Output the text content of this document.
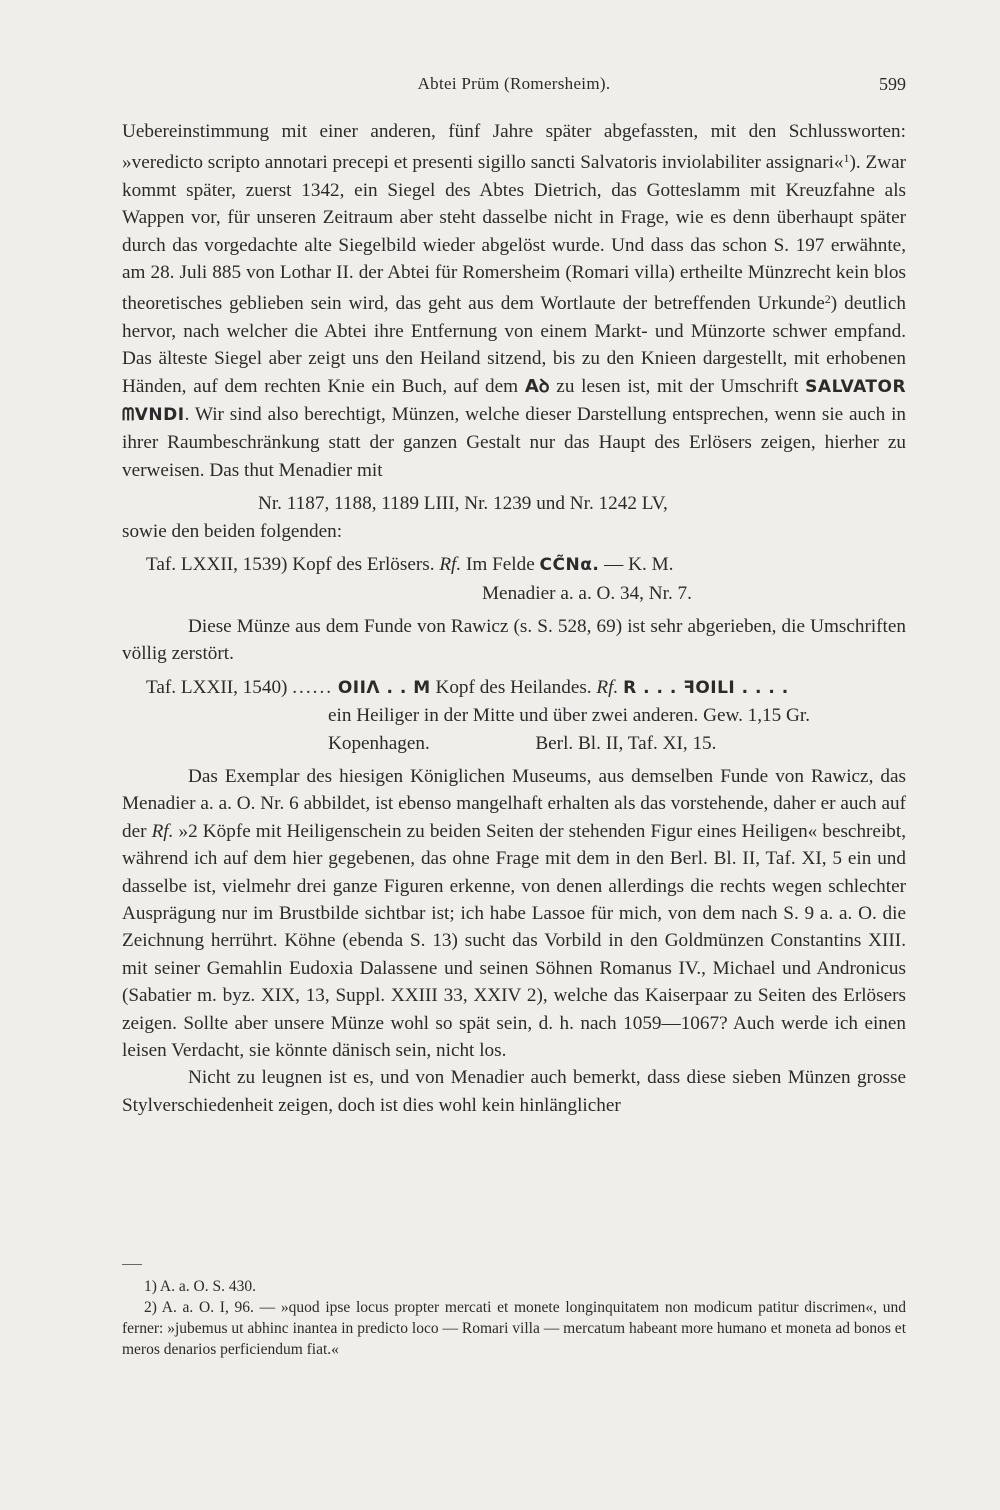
Abtei Prüm (Romersheim).	599

Uebereinstimmung mit einer anderen, fünf Jahre später abgefassten, mit den Schlussworten: »veredicto scripto annotari precepi et presenti sigillo sancti Salvatoris inviolabiliter assignari«$^1$). Zwar kommt später, zuerst 1342, ein Siegel des Abtes Dietrich, das Gotteslamm mit Kreuzfahne als Wappen vor, für unseren Zeitraum aber steht dasselbe nicht in Frage, wie es denn überhaupt später durch das vorgedachte alte Siegelbild wieder abgelöst wurde. Und dass das schon S. 197 erwähnte, am 28. Juli 885 von Lothar II. der Abtei für Romersheim (Romari villa) ertheilte Münzrecht kein blos theoretisches geblieben sein wird, das geht aus dem Wortlaute der betreffenden Urkunde$^2$) deutlich hervor, nach welcher die Abtei ihre Entfernung von einem Markt- und Münzorte schwer empfand. Das älteste Siegel aber zeigt uns den Heiland sitzend, bis zu den Knieen dargestellt, mit erhobenen Händen, auf dem rechten Knie ein Buch, auf dem Aꝺ zu lesen ist, mit der Umschrift SALVATOR ᗰVNDI. Wir sind also berechtigt, Münzen, welche dieser Darstellung entsprechen, wenn sie auch in ihrer Raumbeschränkung statt der ganzen Gestalt nur das Haupt des Erlösers zeigen, hierher zu verweisen. Das thut Menadier mit

Nr. 1187, 1188, 1189 LIII, Nr. 1239 und Nr. 1242 LV,

sowie den beiden folgenden:

Taf. LXXII, 1539) Kopf des Erlösers. Rf. Im Felde CC̃Nα. — K. M.

Menadier a. a. O. 34, Nr. 7.

Diese Münze aus dem Funde von Rawicz (s. S. 528, 69) ist sehr abgerieben, die Umschriften völlig zerstört.

Taf. LXXII, 1540) ...... OIIΛ . . M Kopf des Heilandes. Rf. R . . . ꟻOILI . . . .

ein Heiliger in der Mitte und über zwei anderen. Gew. 1,15 Gr.

Kopenhagen.	Berl. Bl. II, Taf. XI, 15.

Das Exemplar des hiesigen Königlichen Museums, aus demselben Funde von Rawicz, das Menadier a. a. O. Nr. 6 abbildet, ist ebenso mangelhaft erhalten als das vorstehende, daher er auch auf der Rf. »2 Köpfe mit Heiligenschein zu beiden Seiten der stehenden Figur eines Heiligen« beschreibt, während ich auf dem hier gegebenen, das ohne Frage mit dem in den Berl. Bl. II, Taf. XI, 5 ein und dasselbe ist, vielmehr drei ganze Figuren erkenne, von denen allerdings die rechts wegen schlechter Ausprägung nur im Brustbilde sichtbar ist; ich habe Lassoe für mich, von dem nach S. 9 a. a. O. die Zeichnung herrührt. Köhne (ebenda S. 13) sucht das Vorbild in den Goldmünzen Constantins XIII. mit seiner Gemahlin Eudoxia Dalassene und seinen Söhnen Romanus IV., Michael und Andronicus (Sabatier m. byz. XIX, 13, Suppl. XXIII 33, XXIV 2), welche das Kaiserpaar zu Seiten des Erlösers zeigen. Sollte aber unsere Münze wohl so spät sein, d. h. nach 1059—1067? Auch werde ich einen leisen Verdacht, sie könnte dänisch sein, nicht los.

Nicht zu leugnen ist es, und von Menadier auch bemerkt, dass diese sieben Münzen grosse Stylverschiedenheit zeigen, doch ist dies wohl kein hinlänglicher

1) A. a. O. S. 430.

2) A. a. O. I, 96. — »quod ipse locus propter mercati et monete longinquitatem non modicum patitur discrimen«, und ferner: »jubemus ut abhinc inantea in predicto loco — Romari villa — mercatum habeant more humano et moneta ad bonos et meros denarios perficiendum fiat.«
